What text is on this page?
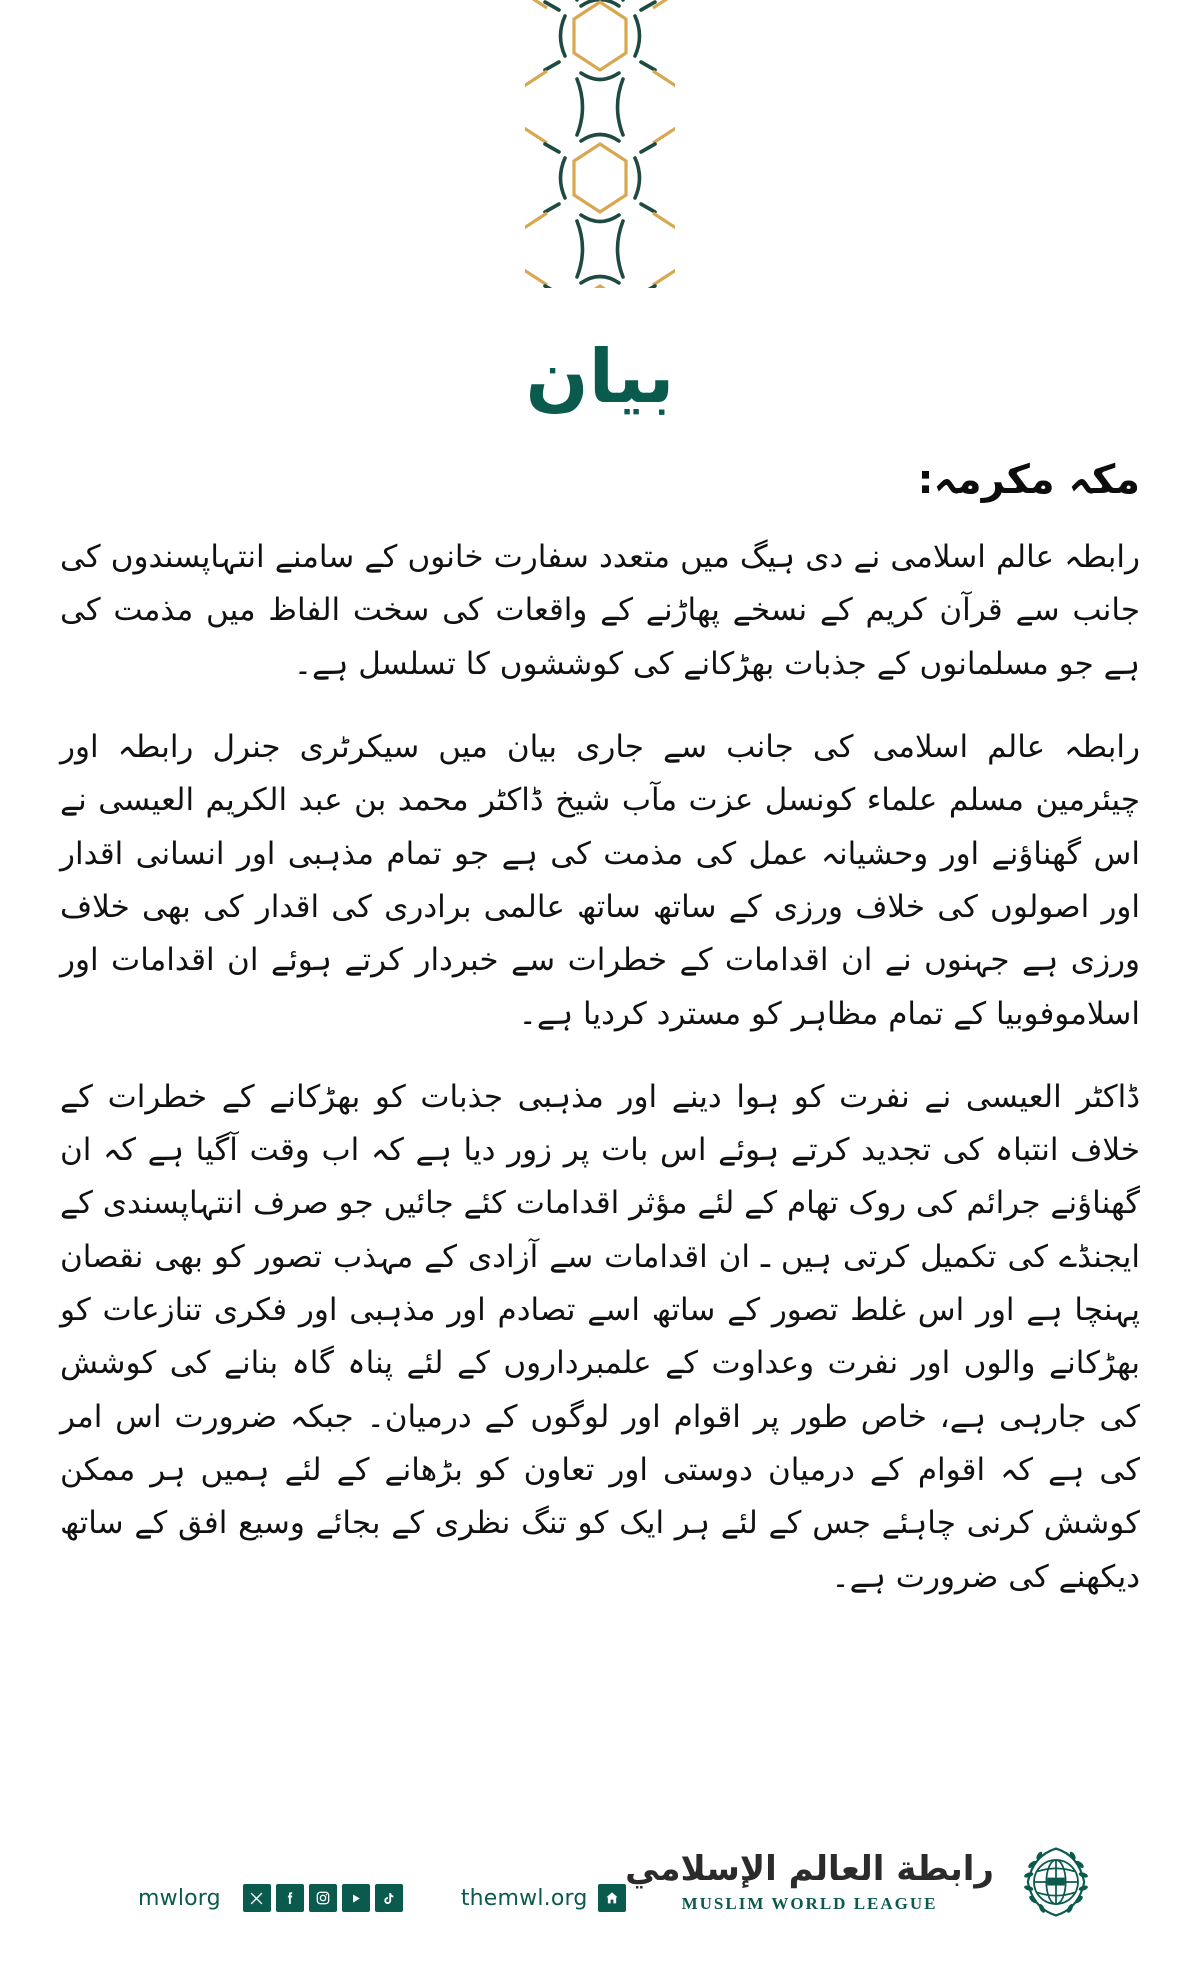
بيان
مکہ مکرمہ:

رابطہ عالم اسلامی نے دی ہیگ میں متعدد سفارت خانوں کے سامنے انتہاپسندوں کی جانب سے قرآن کریم کے نسخے پھاڑنے کے واقعات کی سخت الفاظ میں مذمت کی ہے جو مسلمانوں کے جذبات بھڑکانے کی کوششوں کا تسلسل ہے۔

رابطہ عالم اسلامی کی جانب سے جاری بیان میں سیکرٹری جنرل رابطہ اور چیئرمین مسلم علماء کونسل عزت مآب شیخ ڈاکٹر محمد بن عبد الکریم العیسی نے اس گھناؤنے اور وحشیانہ عمل کی مذمت کی ہے جو تمام مذہبی اور انسانی اقدار اور اصولوں کی خلاف ورزی کے ساتھ ساتھ عالمی برادری کی اقدار کی بھی خلاف ورزی ہے جہنوں نے ان اقدامات کے خطرات سے خبردار کرتے ہوئے ان اقدامات اور اسلاموفوبیا کے تمام مظاہر کو مسترد کردیا ہے۔

ڈاکٹر العیسی نے نفرت کو ہوا دینے اور مذہبی جذبات کو بھڑکانے کے خطرات کے خلاف انتباہ کی تجدید کرتے ہوئے اس بات پر زور دیا ہے کہ اب وقت آگیا ہے کہ ان گھناؤنے جرائم کی روک تھام کے لئے مؤثر اقدامات کئے جائیں جو صرف انتہاپسندی کے ایجنڈے کی تکمیل کرتی ہیں ـ ان اقدامات سے آزادی کے مہذب تصور کو بھی نقصان پہنچا ہے اور اس غلط تصور کے ساتھ اسے تصادم اور مذہبی اور فکری تنازعات کو بھڑکانے والوں اور نفرت وعداوت کے علمبرداروں کے لئے پناہ گاہ بنانے کی کوشش کی جارہی ہے، خاص طور پر اقوام اور لوگوں کے درمیان۔ جبکہ ضرورت اس امر کی ہے کہ اقوام کے درمیان دوستی اور تعاون کو بڑھانے کے لئے ہمیں ہر ممکن کوشش کرنی چاہئے جس کے لئے ہر ایک کو تنگ نظری کے بجائے وسیع افق کے ساتھ دیکھنے کی ضرورت ہے۔

mwlorg	themwl.org
رابطة العالم الإسلامي
MUSLIM WORLD LEAGUE
